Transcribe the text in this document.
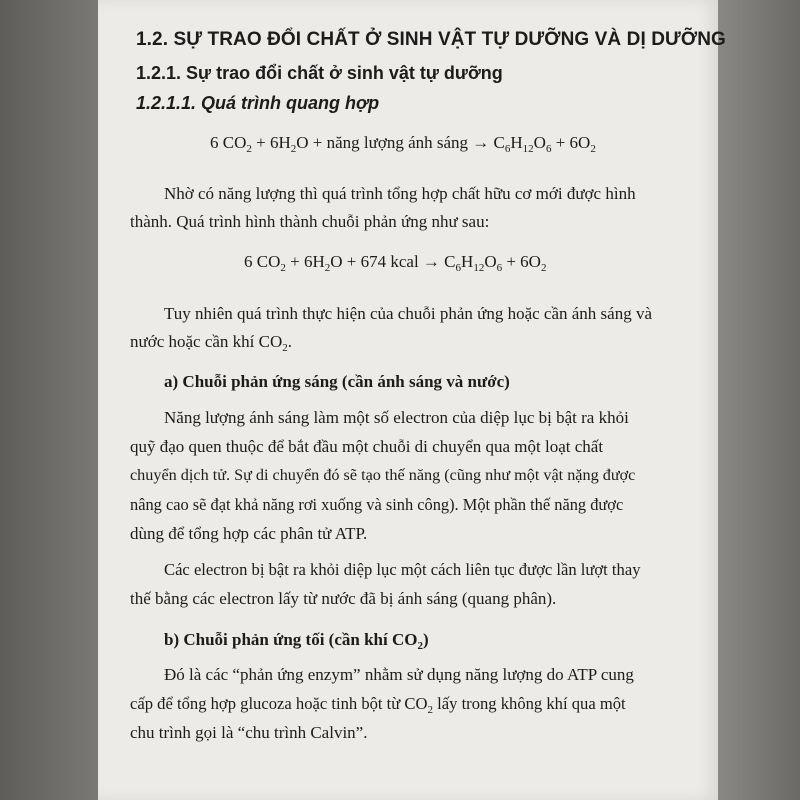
1.2. SỰ TRAO ĐỔI CHẤT Ở SINH VẬT TỰ DƯỠNG VÀ DỊ DƯỠNG
1.2.1. Sự trao đổi chất ở sinh vật tự dưỡng
1.2.1.1. Quá trình quang hợp
6 $CO_2 + 6H_2O$ + năng lượng ánh sáng → $C_6H_{12}O_6 + 6O_2$
Nhờ có năng lượng thì quá trình tổng hợp chất hữu cơ mới được hình
thành. Quá trình hình thành chuỗi phản ứng như sau:
6 $CO_2 + 6H_2O + 674$ kcal → $C_6H_{12}O_6 + 6O_2$
Tuy nhiên quá trình thực hiện của chuỗi phản ứng hoặc cần ánh sáng và
nước hoặc cần khí $CO_2$.
a) Chuỗi phản ứng sáng (cần ánh sáng và nước)
Năng lượng ánh sáng làm một số electron của diệp lục bị bật ra khỏi
quỹ đạo quen thuộc để bắt đầu một chuỗi di chuyển qua một loạt chất
chuyển dịch tử. Sự di chuyển đó sẽ tạo thế năng (cũng như một vật nặng được
nâng cao sẽ đạt khả năng rơi xuống và sinh công). Một phần thế năng được
dùng để tổng hợp các phân tử ATP.
Các electron bị bật ra khỏi diệp lục một cách liên tục được lần lượt thay
thế bằng các electron lấy từ nước đã bị ánh sáng (quang phân).
b) Chuỗi phản ứng tối (cần khí $CO_2$)
Đó là các “phản ứng enzym” nhằm sử dụng năng lượng do ATP cung
cấp để tổng hợp glucoza hoặc tinh bột từ $CO_2$ lấy trong không khí qua một
chu trình gọi là “chu trình Calvin”.
